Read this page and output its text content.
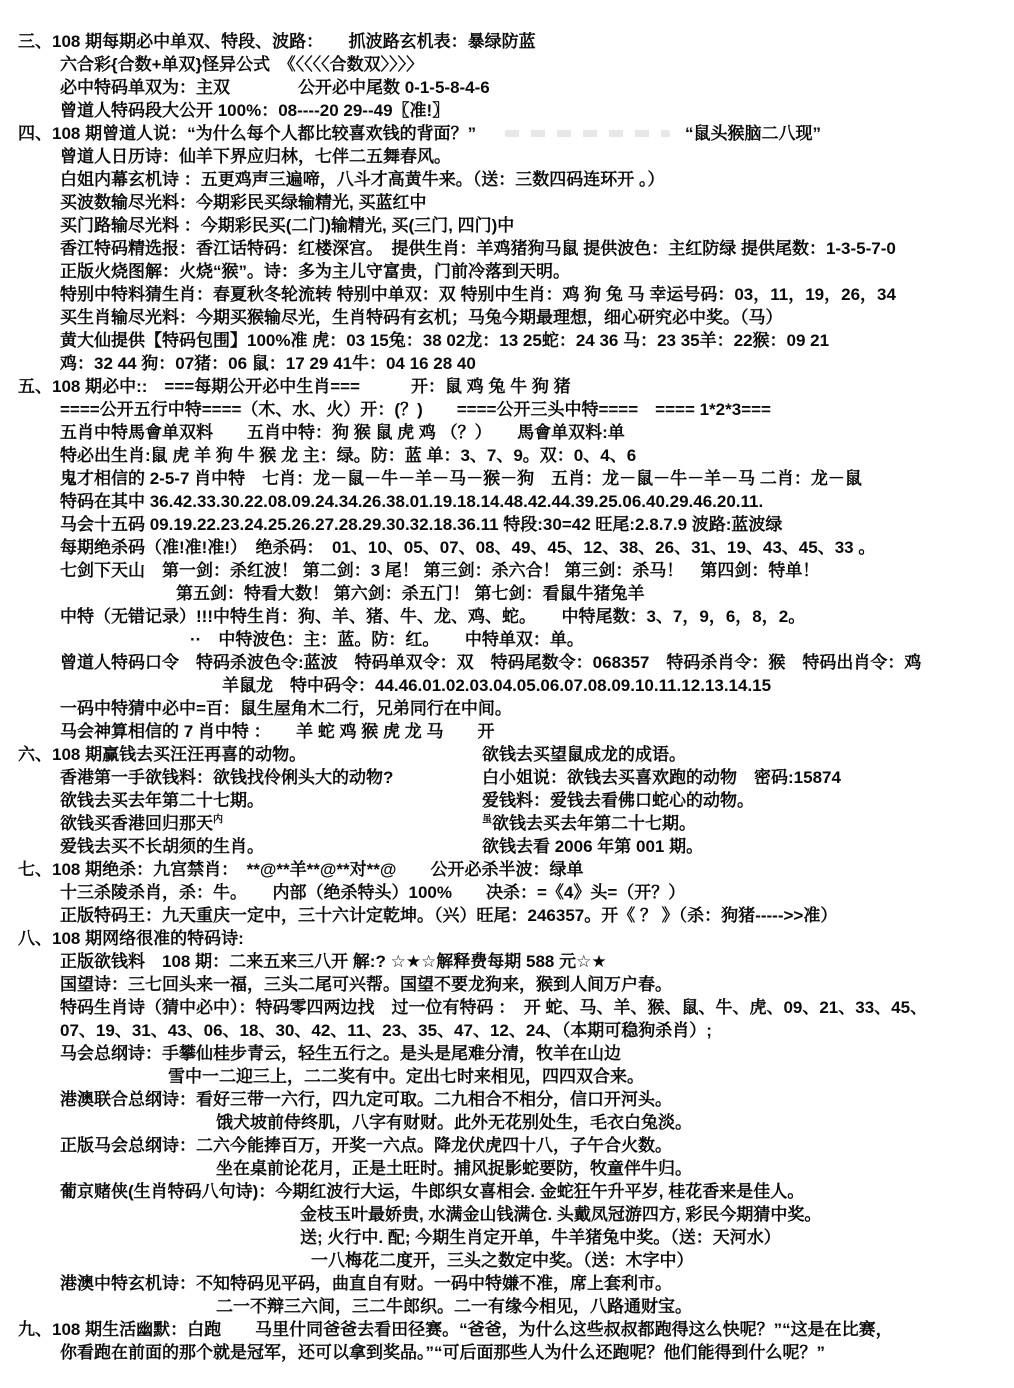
三、108 期每期必中单双、特段、波路：　　抓波路玄机表：暴绿防蓝
六合彩{合数+单双}怪异公式　《〈〈〈〈合数双〉〉〉〉
必中特码单双为：主双　　　　公开必中尾数 0-1-5-8-4-6
曾道人特码段大公开 100%：08----20 29--49〖准!〗
四、108 期曾道人说：“为什么每个人都比较喜欢钱的背面？”	“鼠头猴脑二八现”
曾道人日历诗：仙羊下界应归林，七伴二五舞春风。
白姐内幕玄机诗 ：五更鸡声三遍啼，八斗才高黄牛来。（送：三数四码连环开 。）
买波数输尽光料：今期彩民买绿输精光, 买蓝红中
买门路输尽光料 ：今期彩民买(二门)输精光, 买(三门, 四门)中
香江特码精选报：香江话特码：红楼深宫。　提供生肖：羊鸡猪狗马鼠 提供波色：主红防绿 提供尾数：1-3-5-7-0
正版火烧图解：火烧“猴”。诗：多为主儿守富贵，门前冷落到天明。
特别中特料猜生肖：春夏秋冬轮流转 特别中单双：双 特别中生肖：鸡 狗 兔 马 幸运号码：03，11，19，26，34
买生肖输尽光料：今期买猴输尽光，生肖特码有玄机；马兔今期最理想，细心研究必中奖。（马）
黄大仙提供【特码包围】100%准 虎：03 15兔：38 02龙：13 25蛇：24 36 马：23 35羊：22猴：09 21
鸡：32 44 狗：07猪：06 鼠：17 29 41牛：04 16 28 40
五、108 期必中::　===每期公开必中生肖===　　　开：鼠 鸡 兔 牛 狗 猪
====公开五行中特====（木、水、火）开：(？)　　====公开三头中特====　==== 1*2*3===
五肖中特馬會单双料　　五肖中特：狗 猴 鼠 虎 鸡 （？）　　馬會单双料:单
特必出生肖:鼠 虎 羊 狗 牛 猴 龙 主：绿。防：蓝 单：3、7、9。双：0、4、6
鬼才相信的 2-5-7 肖中特　七肖：龙－鼠－牛－羊－马－猴－狗　五肖：龙－鼠－牛－羊－马 二肖：龙－鼠
特码在其中 36.42.33.30.22.08.09.24.34.26.38.01.19.18.14.48.42.44.39.25.06.40.29.46.20.11.
马会十五码 09.19.22.23.24.25.26.27.28.29.30.32.18.36.11 特段:30=42 旺尾:2.8.7.9 波路:蓝波绿
每期绝杀码（准!准!准!）　绝杀码：　01、10、05、07、08、49、45、12、38、26、31、19、43、45、33 。
七剑下天山　第一剑：杀红波！ 第二剑：3 尾！ 第三剑：杀六合！ 第三剑：杀马！　第四剑：特单！
第五剑：特看大数！ 第六剑：杀五门！ 第七剑：看鼠牛猪兔羊
中特（无错记录）!!!中特生肖：狗、羊、猪、牛、龙、鸡、蛇。　　中特尾数：3、7，9，6，8，2。
··　中特波色：主：蓝。防：红。　　中特单双：单。
曾道人特码口令　特码杀波色令:蓝波　特码单双令：双　特码尾数令：068357　特码杀肖令：猴　特码出肖令：鸡
羊鼠龙　特中码令：44.46.01.02.03.04.05.06.07.08.09.10.11.12.13.14.15
一码中特猜中必中=百：鼠生屋角木二行，兄弟同行在中间。
马会神算相信的 7 肖中特 ：　　羊 蛇 鸡 猴 虎 龙 马　　开
六、108 期赢钱去买汪汪再喜的动物。	欲钱去买望鼠成龙的成语。
香港第一手欲钱料：欲钱找伶俐头大的动物?	白小姐说：欲钱去买喜欢跑的动物　密码:15874
欲钱去买去年第二十七期。	爱钱料：爱钱去看佛口蛇心的动物。
欲钱买香港回归那天$^内$	$^虽$欲钱去买去年第二十七期。
爱钱去买不长胡须的生肖。	欲钱去看 2006 年第 001 期。
七、108 期绝杀：九宫禁肖：　**@**羊**@**对**@　　公开必杀半波：绿单
十三杀陵杀肖，杀：牛。　　内部（绝杀特头）100%　　决杀：=《4》头=（开？）
正版特码王：九天重庆一定中，三十六计定乾坤。（兴）旺尾：246357。开《 ？ 》（杀：狗猪----->>准）
八、108 期网络很准的特码诗:
正版欲钱料　108 期：二来五来三八开 解:? ☆★☆解释费每期 588 元☆★
国望诗：三七回头来一福，三头二尾可兴帮。国望不要龙狗来，猴到人间万户春。
特码生肖诗（猜中必中）：特码零四两边找　过一位有特码 ：　开 蛇、马、羊、猴、鼠、牛、虎、09、21、33、45、
07、19、31、43、06、18、30、42、11、23、35、47、12、24、（本期可稳狗杀肖）;
马会总纲诗：手攀仙桂步青云，轻生五行之。是头是尾难分清，牧羊在山边
雪中一二迎三上，二二奖有中。定出七时来相见，四四双合来。
港澳联合总纲诗：看好三带一六行，四九定可取。二九相合不相分，信口开河头。
饿犬坡前侍终肌，八字有财财。此外无花别处生，毛衣白兔淡。
正版马会总纲诗：二六今能捧百万，开奖一六点。降龙伏虎四十八，子午合火数。
坐在桌前论花月，正是土旺时。捕风捉影蛇要防，牧童伴牛归。
葡京赌侠(生肖特码八句诗)：今期红波行大运，牛郎织女喜相会. 金蛇狂午升平岁, 桂花香来是佳人。
金枝玉叶最娇贵, 水满金山钱满仓. 头戴凤冠游四方, 彩民今期猜中奖。
送; 火行中. 配; 今期生肖定开单，牛羊猪兔中奖。（送：天河水）
一八梅花二度开，三头之数定中奖。（送：木字中）
港澳中特玄机诗：不知特码见平码，曲直自有财。一码中特嫌不准，席上套利市。
二一不辩三六间，三二牛郎织。二一有缘今相见，八路通财宝。
九、108 期生活幽默：白跑　　马里什同爸爸去看田径赛。“爸爸，为什么这些叔叔都跑得这么快呢？”“这是在比赛，
你看跑在前面的那个就是冠军，还可以拿到奖品。”“可后面那些人为什么还跑呢？他们能得到什么呢？”
